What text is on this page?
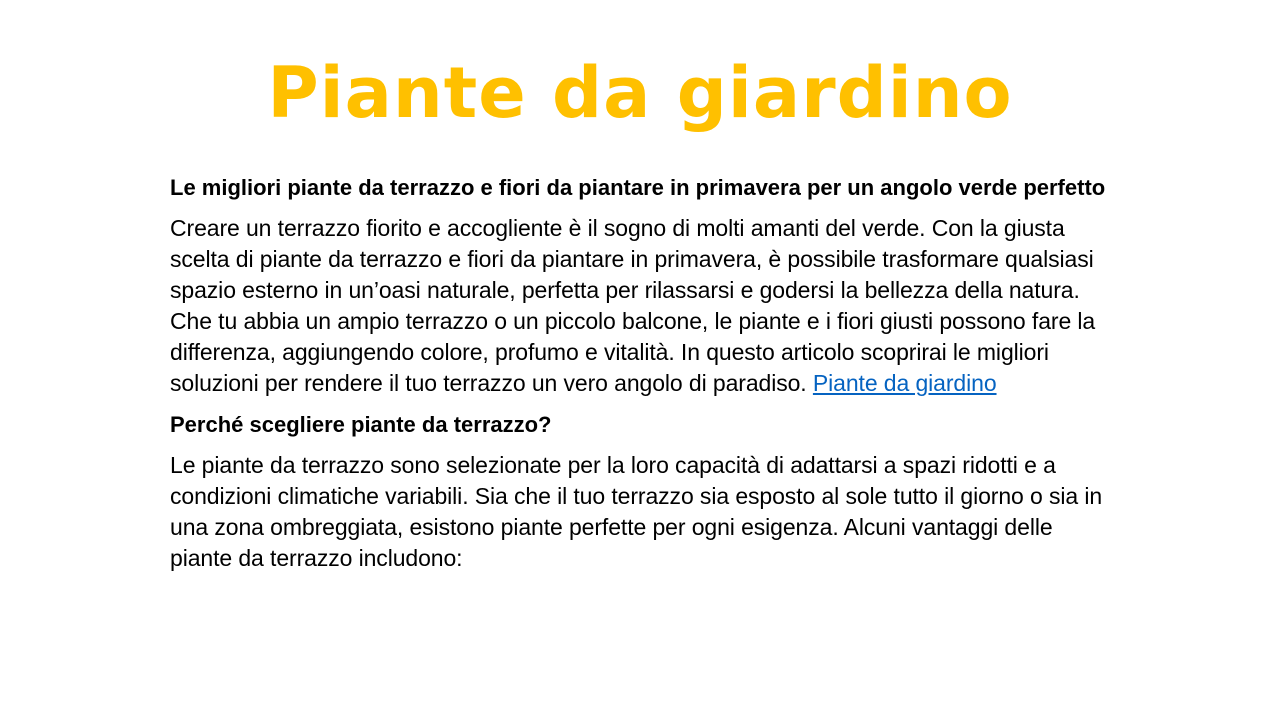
Piante da giardino

Le migliori piante da terrazzo e fiori da piantare in primavera per un angolo verde perfetto

Creare un terrazzo fiorito e accogliente è il sogno di molti amanti del verde. Con la giusta scelta di piante da terrazzo e fiori da piantare in primavera, è possibile trasformare qualsiasi spazio esterno in un’oasi naturale, perfetta per rilassarsi e godersi la bellezza della natura. Che tu abbia un ampio terrazzo o un piccolo balcone, le piante e i fiori giusti possono fare la differenza, aggiungendo colore, profumo e vitalità. In questo articolo scoprirai le migliori soluzioni per rendere il tuo terrazzo un vero angolo di paradiso. Piante da giardino

Perché scegliere piante da terrazzo?

Le piante da terrazzo sono selezionate per la loro capacità di adattarsi a spazi ridotti e a condizioni climatiche variabili. Sia che il tuo terrazzo sia esposto al sole tutto il giorno o sia in una zona ombreggiata, esistono piante perfette per ogni esigenza. Alcuni vantaggi delle piante da terrazzo includono:
